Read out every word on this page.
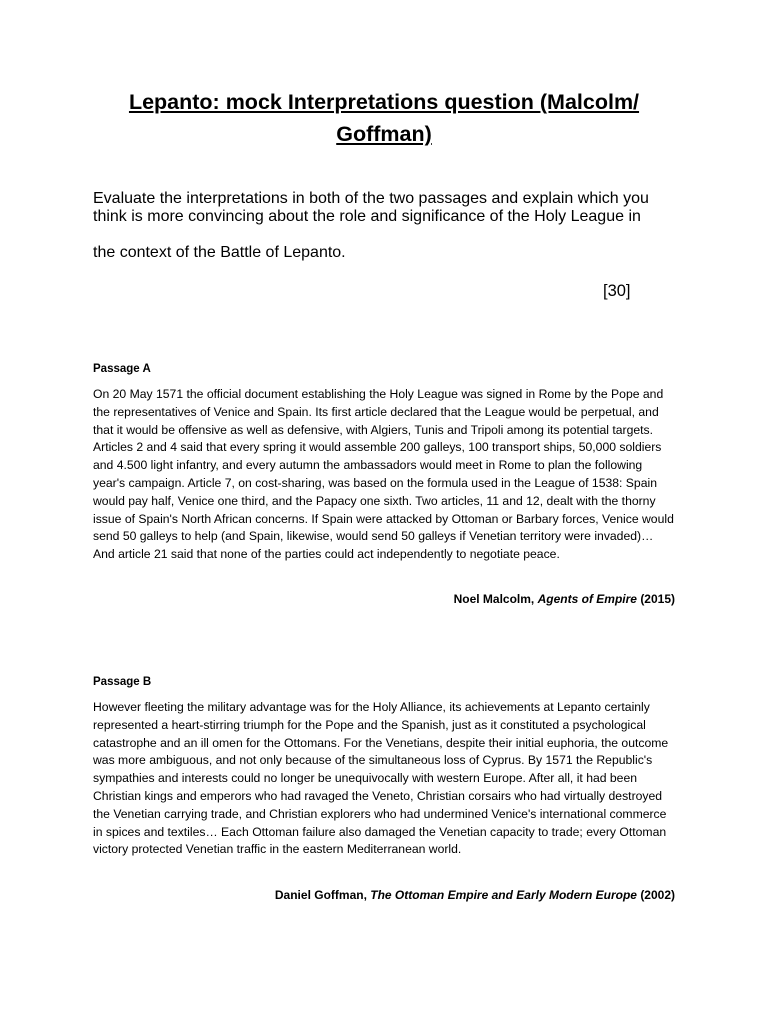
Lepanto: mock Interpretations question (Malcolm/ Goffman)

Evaluate the interpretations in both of the two passages and explain which you think is more convincing about the role and significance of the Holy League in

the context of the Battle of Lepanto.

[30]

Passage A

On 20 May 1571 the official document establishing the Holy League was signed in Rome by the Pope and the representatives of Venice and Spain. Its first article declared that the League would be perpetual, and that it would be offensive as well as defensive, with Algiers, Tunis and Tripoli among its potential targets. Articles 2 and 4 said that every spring it would assemble 200 galleys, 100 transport ships, 50,000 soldiers and 4.500 light infantry, and every autumn the ambassadors would meet in Rome to plan the following year's campaign. Article 7, on cost-sharing, was based on the formula used in the League of 1538: Spain would pay half, Venice one third, and the Papacy one sixth. Two articles, 11 and 12, dealt with the thorny issue of Spain's North African concerns. If Spain were attacked by Ottoman or Barbary forces, Venice would send 50 galleys to help (and Spain, likewise, would send 50 galleys if Venetian territory were invaded)… And article 21 said that none of the parties could act independently to negotiate peace.

Noel Malcolm, Agents of Empire (2015)

Passage B

However fleeting the military advantage was for the Holy Alliance, its achievements at Lepanto certainly represented a heart-stirring triumph for the Pope and the Spanish, just as it constituted a psychological catastrophe and an ill omen for the Ottomans. For the Venetians, despite their initial euphoria, the outcome was more ambiguous, and not only because of the simultaneous loss of Cyprus. By 1571 the Republic's sympathies and interests could no longer be unequivocally with western Europe. After all, it had been Christian kings and emperors who had ravaged the Veneto, Christian corsairs who had virtually destroyed the Venetian carrying trade, and Christian explorers who had undermined Venice's international commerce in spices and textiles… Each Ottoman failure also damaged the Venetian capacity to trade; every Ottoman victory protected Venetian traffic in the eastern Mediterranean world.

Daniel Goffman, The Ottoman Empire and Early Modern Europe (2002)
